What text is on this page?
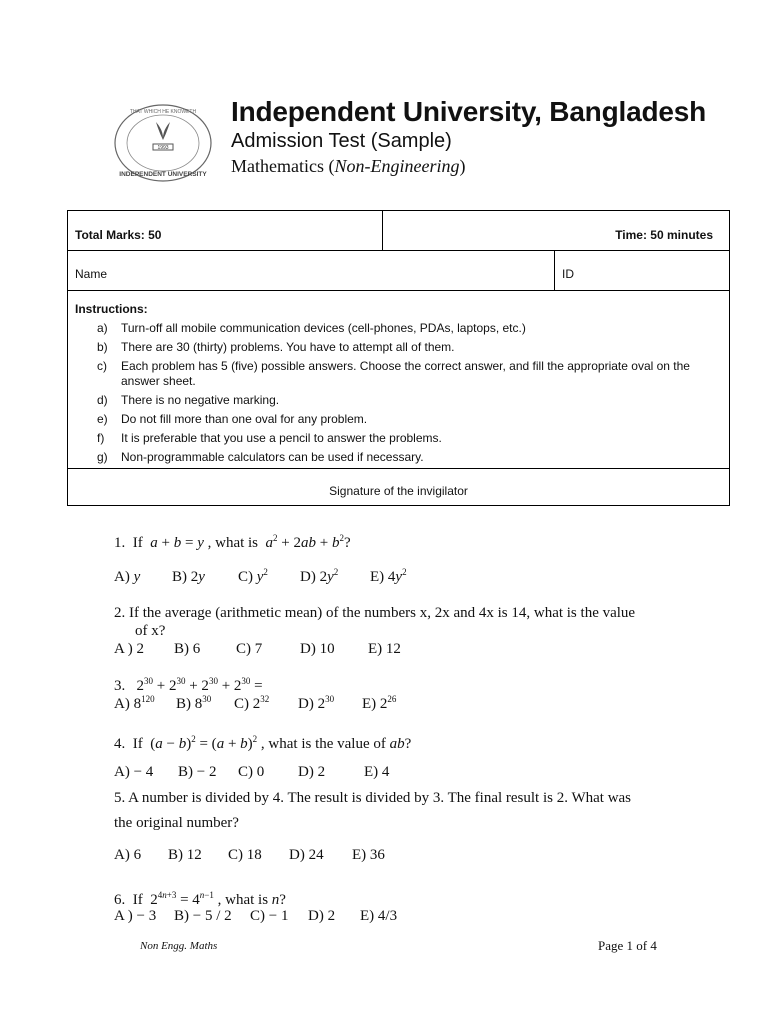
1993
THAT WHICH HE KNOWETH
INDEPENDENT UNIVERSITY
Independent University, Bangladesh
Admission Test (Sample)
Mathematics (Non-Engineering)
Total Marks: 50	Time: 50 minutes
Name	ID
Instructions:
a)	Turn-off all mobile communication devices (cell-phones, PDAs, laptops, etc.)
b)	There are 30 (thirty) problems. You have to attempt all of them.
c)	Each problem has 5 (five) possible answers. Choose the correct answer, and fill the appropriate oval on the answer sheet.
d)	There is no negative marking.
e)	Do not fill more than one oval for any problem.
f)	It is preferable that you use a pencil to answer the problems.
g)	Non-programmable calculators can be used if necessary.
Signature of the invigilator
1.  If  a + b = y , what is  $a^2 + 2ab + b^2$?
A) y B) 2y C) $y^2$ D) $2y^2$ E) $4y^2$
2. If the average (arithmetic mean) of the numbers x, 2x and 4x is 14, what is the value
of x?
A ) 2 B) 6 C) 7	D) 10 E) 12
3.   $2^{30} + 2^{30} + 2^{30} + 2^{30}$ =
A) $8^{120}$ B) $8^{30}$ C) $2^{32}$ D) $2^{30}$ E) $2^{26}$
4.  If  $(a - b)^2 = (a + b)^2$ , what is the value of ab?
A) − 4 B) − 2 C) 0 D) 2	E) 4
5. A number is divided by 4. The result is divided by 3. The final result is 2. What was
the original number?
A) 6 B) 12 C) 18 D) 24 E) 36
6.  If  $2^{4n+3} = 4^{n-1}$ , what is n?
A ) − 3 B) − 5 / 2 C) − 1 D) 2 E) 4/3
Non Engg. Maths	Page 1 of 4
